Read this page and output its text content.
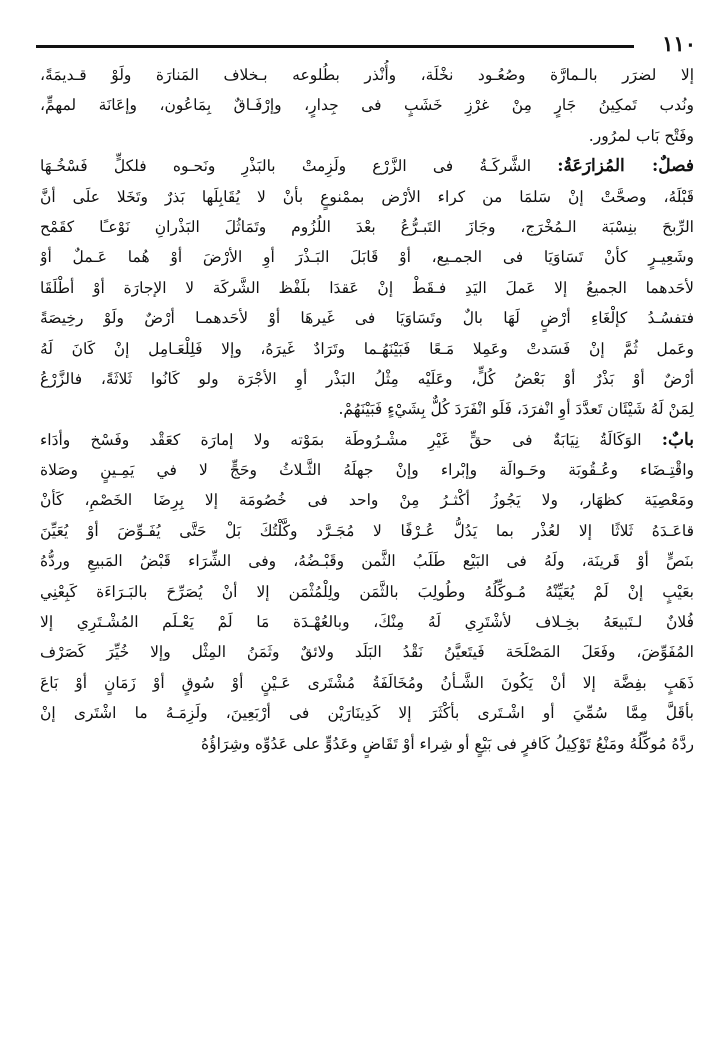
١١٠
إلا لضرَر بالـمارَّة وصُعُـود نخْلَة، وأُنْذر بطُلوعه بـخلاف المَنارَة ولَوْ قـديمَةً،
ونُدب تَمكِينُ جَارٍ مِنْ غرْزِ خَشَبٍ فى جِدارٍ، وإرْفَـاقٌ بِمَاعُون، وإعَانَة لمهمٍّ،
وفَتْح بَاب لمرُور.
فصلٌ: المُزارَعَةُ: الشَّركَـةُ فى الزَّرْع ولَزِمتْ بالبَذْرِ ونَحـوه فلكلٍّ فَسْخُـهَا
قَبْلَهُ، وصحَّتْ إنْ سَلمَا من كراء الأرْض بممْنوعٍ بأنْ لا يُقَابِلَها بَذرٌ وتَخَلا علَى أنَّ
الرِّبحَ بنِسْبَة الـمُخْرَج، وجَازَ التَبـرُّعُ بعْدَ اللُزُوم وتَمَاثُلَ البَذْرانِ نَوْعـًا كقَمْح
وشَعِيـرٍ كأنْ تَسَاوَيَا فى الجمـيع، أوْ قَابَلَ البَـذْرَ أوِ الأرْضَ أوْ هُما عَـملٌ أوْ
لأحَدهما الجميعُ إلا عَملَ اليَدِ فـقَطْ إنْ عَقدَا بلَفْظ الشَّركَة لا الإجارَة أوْ أطْلَقَا
فتفسُـدُ كإلْغَاءِ أرْضٍ لَهَا بالٌ وتَسَاوَيَا فى غَيرهَا أوْ لأحَدهمـا أرْضٌ ولَوْ رخِيصَةً
وعَمل ثُمَّ إنْ فَسَدتْ وعَمِلا مَـعًا فَبَيْنَهُـما وتَرَادٌ غَيرَهُ، وإلا فَلِلْعَـامِل إنْ كَانَ لَهُ
أرْضٌ أوْ بَذْرٌ أوْ بَعْضُ كُلٍّ، وعَلَيْه مِثْلُ البَذْر أوِ الأجْرَة ولو كَانُوا ثَلاثَةً، فالزَّرْعُ
لِمَنْ لَهُ شَيْئَان تَعدَّدَ أوِ انْفرَدَ، فَلَو انْفَرَدَ كُلٌّ بِشَيْءٍ فَبَيْنَهُمْ.
بابٌ: الوَكَالَةُ نِيَابَةٌ فى حقٍّ غَيْرِ مشْـرُوطَة بمَوْته ولا إمارَة كعَقْد وفَسْخ وأدَاء
واقْتِـضَاء وعُـقُوبَة وحَـوالَة وإبْراء وإنْ جهلَهُ الثَّـلاثُ وحَجٍّ لا في يَمِـينٍ وصَلاة
ومَعْصِيَة كظهَار، ولا يَجُوزُ أكْثـرُ مِنْ واحد فى خُصُومَة إلا بِرِضَا الخَصْمِ، كَأنْ
قاعَـدَهُ ثَلاثًا إلا لعُذْر بما يَدُلُّ عُـرْفًا لا مُجَـرَّد وكَّلْتُكَ بَلْ حَتَّى يُفَـوِّضَ أوْ يُعَيِّنَ
بنَصٍّ أوْ قَرينَة، ولَهُ فى البَيْع طَلَبُ الثَّمن وقَبْـضُهُ، وفى الشِّرَاء قَبْضُ المَبيعِ وردُّهُ
بعَيْبٍ إنْ لَمْ يُعَيِّنْهُ مُـوكِّلُهُ وطُولِبَ بالثَّمَن ولِلْمُثْمَن إلا أنْ يُصَرِّحَ بالبَـرَاءَة كَبِعْنِي
فُلانٌ لـتَبيعَهُ بخِـلاف لأشْتَرِي لَهُ مِنْكَ، وبالعُهْـدَة مَا لَمْ يَعْـلَم المُشْـتَرِي إلا
المُفَوِّضَ، وفَعَلَ المَصْلَحَة فَيتَعيَّنُ نَقْدُ البَلَد ولائقٌ وثَمَنُ المِثْل وإلا خُيِّرَ كَصَرْف
ذَهَبٍ بفِضَّة إلا أنْ يَكُونَ الشَّـأنُ ومُخَالَفَةُ مُشْتَرى عَـيْنٍ أوْ سُوقٍ أوْ زَمَانٍ أوْ بَاعَ
بأقَلَّ مِمَّا سُمِّيَ أو اشْـتَرى بأكْثَرَ إلا كَدِينَارَيْن فى أرْبَعِينَ، ولَزِمَـهُ ما اشْتَرى إنْ
ردَّهُ مُوكِّلُهُ ومَنْعُ تَوْكِيلُ كَافرٍ فى بَيْعٍ أو شِراء أوْ تَقَاضٍ وعَدُوٍّ على عَدُوِّه وشِرَاؤُهُ
